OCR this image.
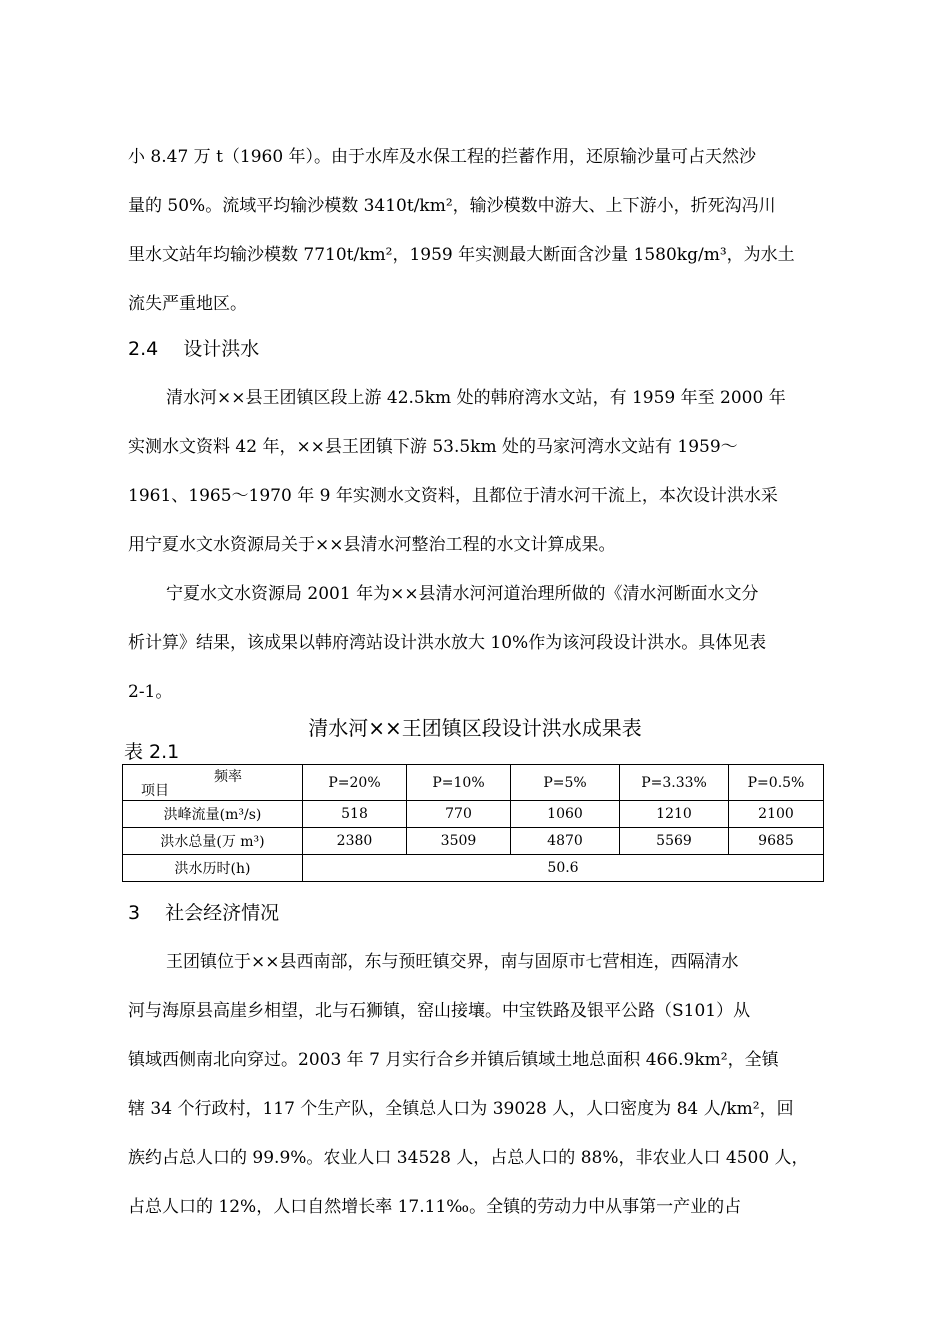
小 8.47 万 t（1960 年）。由于水库及水保工程的拦蓄作用，还原输沙量可占天然沙
量的 50%。流域平均输沙模数 3410t/km²，输沙模数中游大、上下游小，折死沟冯川
里水文站年均输沙模数 7710t/km²，1959 年实测最大断面含沙量 1580kg/m³，为水土
流失严重地区。
2.4　 设计洪水
清水河××县王团镇区段上游 42.5km 处的韩府湾水文站，有 1959 年至 2000 年
实测水文资料 42 年，××县王团镇下游 53.5km 处的马家河湾水文站有 1959～
1961、1965～1970 年 9 年实测水文资料，且都位于清水河干流上，本次设计洪水采
用宁夏水文水资源局关于××县清水河整治工程的水文计算成果。
宁夏水文水资源局 2001 年为××县清水河河道治理所做的《清水河断面水文分
析计算》结果，该成果以韩府湾站设计洪水放大 10%作为该河段设计洪水。具体见表
2-1。
清水河××王团镇区段设计洪水成果表
表 2.1
频率
项目	P=20%	P=10%	P=5%	P=3.33%	P=0.5%
洪峰流量(m³/s)	518	770	1060	1210	2100
洪水总量(万 m³)	2380	3509	4870	5569	9685
洪水历时(h)	50.6				
3　 社会经济情况
王团镇位于××县西南部，东与预旺镇交界，南与固原市七营相连，西隔清水
河与海原县高崖乡相望，北与石狮镇，窑山接壤。中宝铁路及银平公路（S101）从
镇域西侧南北向穿过。2003 年 7 月实行合乡并镇后镇域土地总面积 466.9km²，全镇
辖 34 个行政村，117 个生产队，全镇总人口为 39028 人，人口密度为 84 人/km²，回
族约占总人口的 99.9%。农业人口 34528 人，占总人口的 88%，非农业人口 4500 人，
占总人口的 12%，人口自然增长率 17.11‰。全镇的劳动力中从事第一产业的占
